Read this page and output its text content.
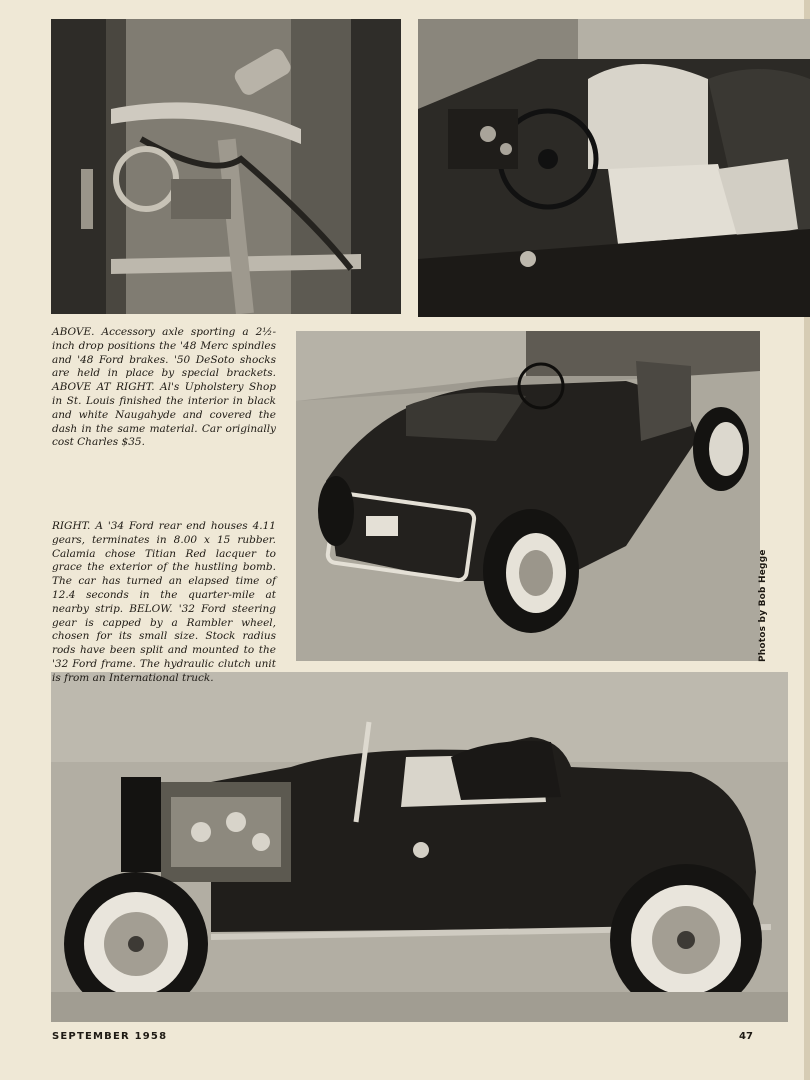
ABOVE. Accessory axle sporting a 2½-inch drop positions the '48 Merc spindles and '48 Ford brakes. '50 DeSoto shocks are held in place by special brackets. ABOVE AT RIGHT. Al's Upholstery Shop in St. Louis finished the interior in black and white Naugahyde and covered the dash in the same material. Car originally cost Charles $35.

RIGHT. A '34 Ford rear end houses 4.11 gears, terminates in 8.00 x 15 rubber. Calamia chose Titian Red lacquer to grace the exterior of the hustling bomb. The car has turned an elapsed time of 12.4 seconds in the quarter-mile at nearby strip. BELOW. '32 Ford steering gear is capped by a Rambler wheel, chosen for its small size. Stock radius rods have been split and mounted to the '32 Ford frame. The hydraulic clutch unit is from an International truck.

Photos by Bob Hegge
SEPTEMBER 1958	47
